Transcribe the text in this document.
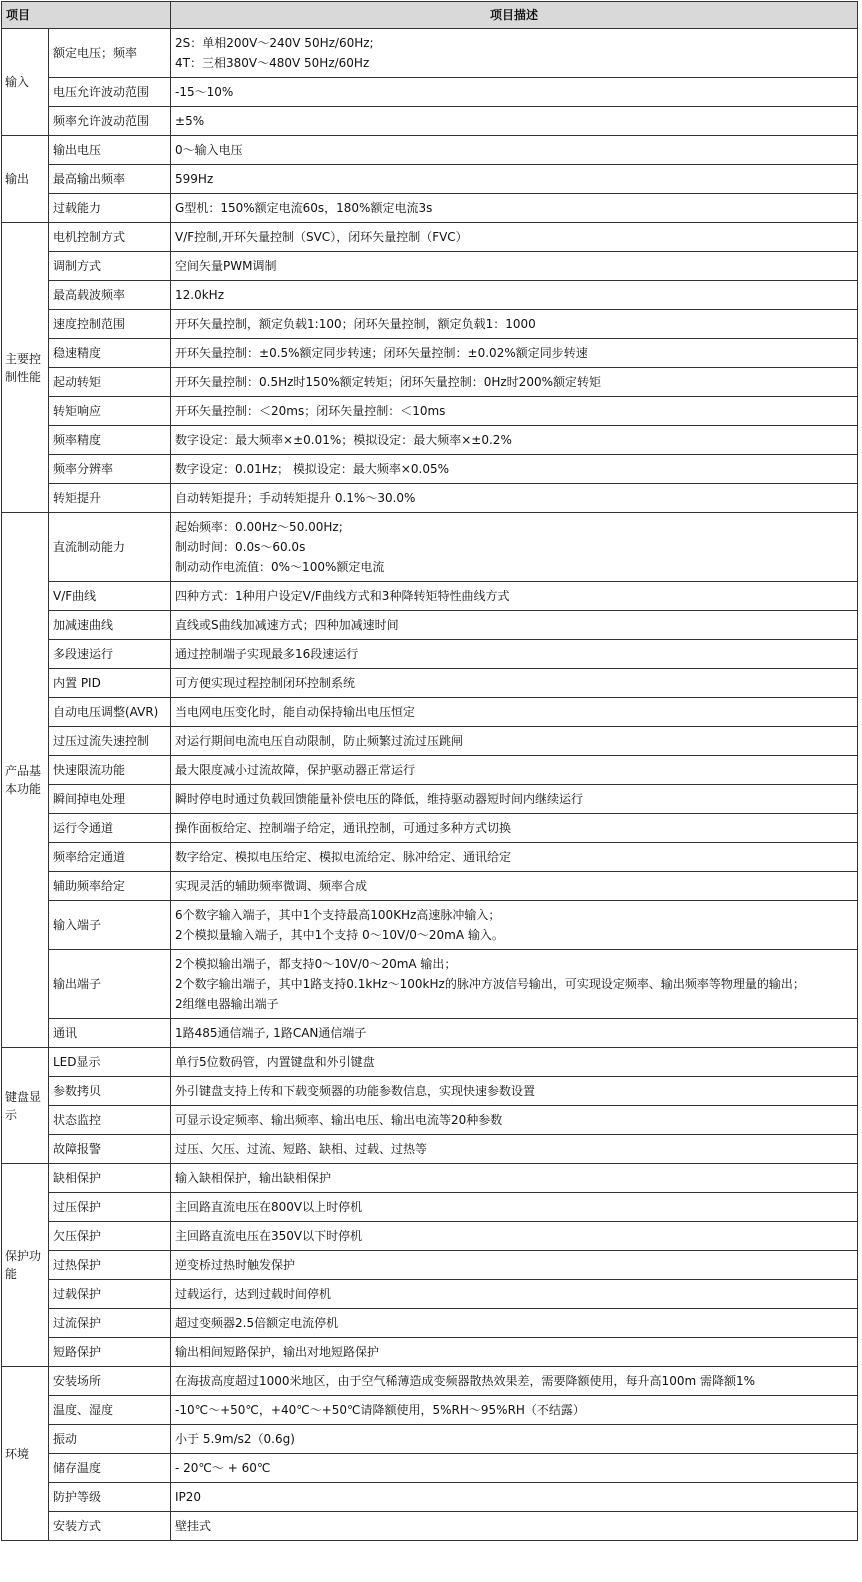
项目		项目描述
输入	额定电压；频率	2S：单相200V～240V 50Hz/60Hz;
4T：三相380V～480V 50Hz/60Hz

	电压允许波动范围	-15～10%

	频率允许波动范围	±5%

输出	输出电压	0～输入电压

	最高输出频率	599Hz

	过载能力	G型机：150%额定电流60s，180%额定电流3s

主要控制性能	电机控制方式	V/F控制,开环矢量控制（SVC），闭环矢量控制（FVC）

	调制方式	空间矢量PWM调制

	最高载波频率	12.0kHz

	速度控制范围	开环矢量控制，额定负载1:100；闭环矢量控制，额定负载1：1000

	稳速精度	开环矢量控制：±0.5%额定同步转速；闭环矢量控制：±0.02%额定同步转速

	起动转矩	开环矢量控制：0.5Hz时150%额定转矩；闭环矢量控制：0Hz时200%额定转矩

	转矩响应	开环矢量控制：＜20ms；闭环矢量控制：＜10ms

	频率精度	数字设定：最大频率×±0.01%；模拟设定：最大频率×±0.2%

	频率分辨率	数字设定：0.01Hz； 模拟设定：最大频率×0.05%

	转矩提升	自动转矩提升；手动转矩提升 0.1%～30.0%

产品基本功能	直流制动能力	起始频率：0.00Hz～50.00Hz;
制动时间：0.0s～60.0s
制动动作电流值：0%～100%额定电流

	V/F曲线	四种方式：1种用户设定V/F曲线方式和3种降转矩特性曲线方式

	加减速曲线	直线或S曲线加减速方式；四种加减速时间

	多段速运行	通过控制端子实现最多16段速运行

	内置 PID	可方便实现过程控制闭环控制系统

	自动电压调整(AVR)	当电网电压变化时，能自动保持输出电压恒定

	过压过流失速控制	对运行期间电流电压自动限制，防止频繁过流过压跳闸

	快速限流功能	最大限度减小过流故障，保护驱动器正常运行

	瞬间掉电处理	瞬时停电时通过负载回馈能量补偿电压的降低，维持驱动器短时间内继续运行

	运行令通道	操作面板给定、控制端子给定，通讯控制，可通过多种方式切换

	频率给定通道	数字给定、模拟电压给定、模拟电流给定、脉冲给定、通讯给定

	辅助频率给定	实现灵活的辅助频率微调、频率合成

	输入端子	6个数字输入端子，其中1个支持最高100KHz高速脉冲输入；
2个模拟量输入端子，其中1个支持 0～10V/0～20mA 输入。

	输出端子	2个模拟输出端子，都支持0～10V/0～20mA 输出；
2个数字输出端子，其中1路支持0.1kHz～100kHz的脉冲方波信号输出，可实现设定频率、输出频率等物理量的输出；
2组继电器输出端子

	通讯	1路485通信端子, 1路CAN通信端子

键盘显示	LED显示	单行5位数码管，内置键盘和外引键盘

	参数拷贝	外引键盘支持上传和下载变频器的功能参数信息，实现快速参数设置

	状态监控	可显示设定频率、输出频率、输出电压、输出电流等20种参数

	故障报警	过压、欠压、过流、短路、缺相、过载、过热等

保护功能	缺相保护	输入缺相保护，输出缺相保护

	过压保护	主回路直流电压在800V以上时停机

	欠压保护	主回路直流电压在350V以下时停机

	过热保护	逆变桥过热时触发保护

	过载保护	过载运行，达到过载时间停机

	过流保护	超过变频器2.5倍额定电流停机

	短路保护	输出相间短路保护，输出对地短路保护

环境	安装场所	在海拔高度超过1000米地区，由于空气稀薄造成变频器散热效果差，需要降额使用，每升高100m 需降额1%

	温度、湿度	-10℃～+50℃，+40℃～+50℃请降额使用，5%RH～95%RH（不结露）

	振动	小于 5.9m/s2（0.6g)

	储存温度	- 20℃～ + 60℃

	防护等级	IP20

	安装方式	壁挂式
